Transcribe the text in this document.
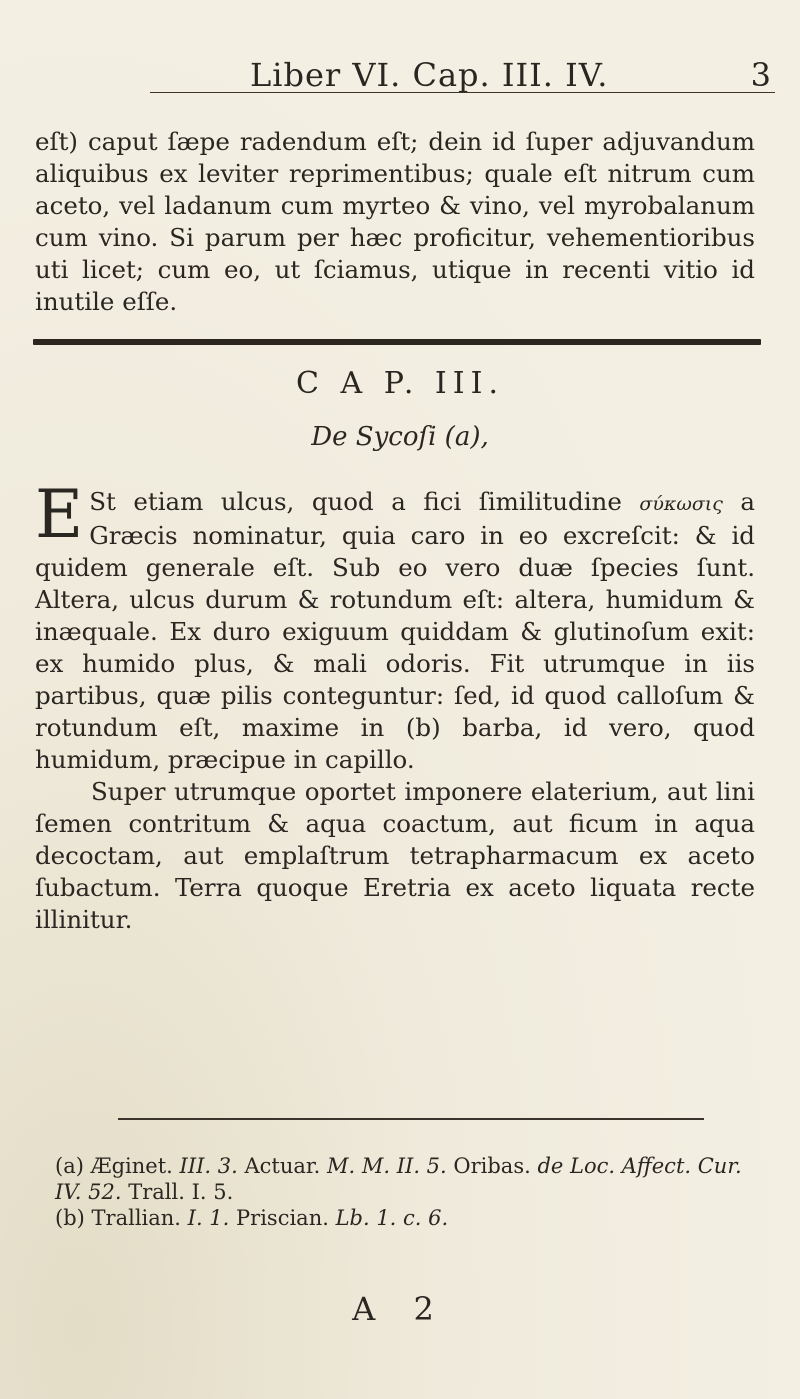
Liber VI. Cap. III. IV.	3

eſt) caput ſæpe radendum eſt; dein id ſuper adjuvandum aliquibus ex leviter reprimentibus; quale eſt nitrum cum aceto, vel ladanum cum myrteo & vino, vel myrobalanum cum vino. Si parum per hæc proficitur, vehementioribus uti licet; cum eo, ut ſciamus, utique in recenti vitio id inutile eſſe.

C A P. III.
De Sycoſi (a),

E St etiam ulcus, quod a fici ſimilitudine σύκωσις a Græcis nominatur, quia caro in eo excreſcit: & id quidem generale eſt. Sub eo vero duæ ſpecies ſunt. Altera, ulcus durum & rotundum eſt: altera, humidum & inæquale. Ex duro exiguum quiddam & glutinoſum exit: ex humido plus, & mali odoris. Fit utrumque in iis partibus, quæ pilis conteguntur: ſed, id quod calloſum & rotundum eſt, maxime in (b) barba, id vero, quod humidum, præcipue in capillo.

Super utrumque oportet imponere elaterium, aut lini ſemen contritum & aqua coactum, aut ficum in aqua decoctam, aut emplaſtrum tetrapharmacum ex aceto ſubactum. Terra quoque Eretria ex aceto liquata recte illinitur.

(a) Æginet. III. 3. Actuar. M. M. II. 5. Oribas. de Loc. Affect. Cur. IV. 52. Trall. I. 5.

(b) Trallian. I. 1. Priscian. Lb. 1. c. 6.

A 2
